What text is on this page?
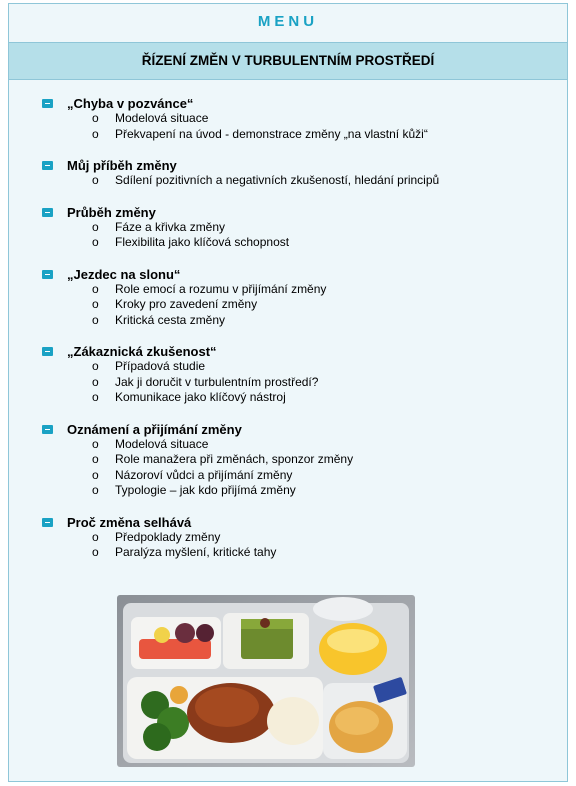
MENU
ŘÍZENÍ ZMĚN V TURBULENTNÍM PROSTŘEDÍ
„Chyba v pozvánce“
o Modelová situace
o Překvapení na úvod - demonstrace změny „na vlastní kůži“
Můj příběh změny
o Sdílení pozitivních a negativních zkušeností, hledání principů
Průběh změny
o Fáze a křivka změny
o Flexibilita jako klíčová schopnost
„Jezdec na slonu“
o Role emocí a rozumu v přijímání změny
o Kroky pro zavedení změny
o Kritická cesta změny
„Zákaznická zkušenost“
o Případová studie
o Jak ji doručit v turbulentním prostředí?
o Komunikace jako klíčový nástroj
Oznámení a přijímání změny
o Modelová situace
o Role manažera při změnách, sponzor změny
o Názoroví vůdci a přijímání změny
o Typologie – jak kdo přijímá změny
Proč změna selhává
o Předpoklady změny
o Paralýza myšlení, kritické tahy
